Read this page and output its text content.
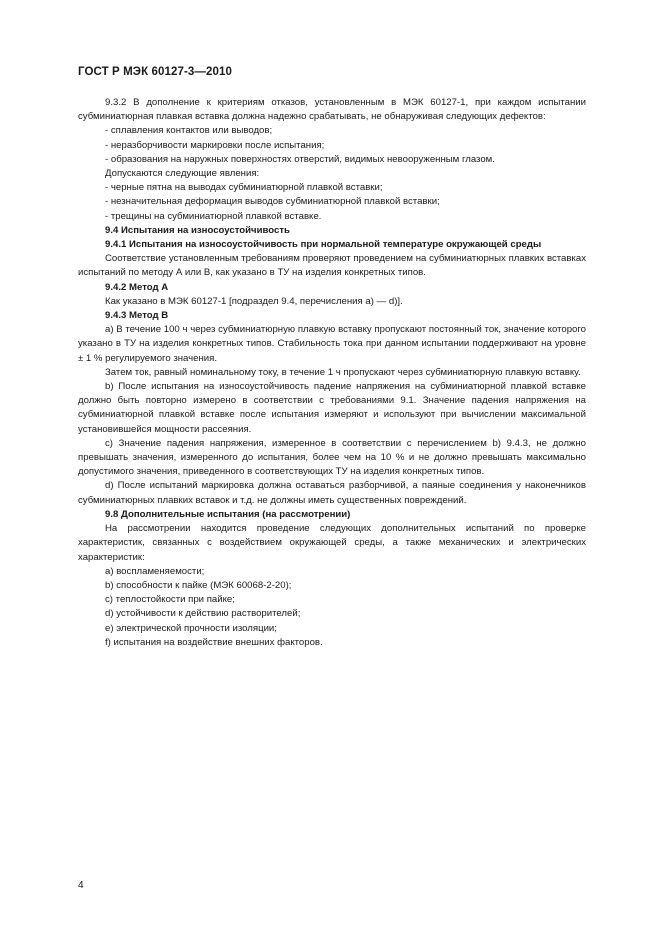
ГОСТ Р МЭК 60127-3—2010

9.3.2 В дополнение к критериям отказов, установленным в МЭК 60127-1, при каждом испытании субминиатюрная плавкая вставка должна надежно срабатывать, не обнаруживая следующих дефектов:

- сплавления контактов или выводов;

- неразборчивости маркировки после испытания;

- образования на наружных поверхностях отверстий, видимых невооруженным глазом.

Допускаются следующие явления:

- черные пятна на выводах субминиатюрной плавкой вставки;

- незначительная деформация выводов субминиатюрной плавкой вставки;

- трещины на субминиатюрной плавкой вставке.

9.4 Испытания на износоустойчивость

9.4.1 Испытания на износоустойчивость при нормальной температуре окружающей среды

Соответствие установленным требованиям проверяют проведением на субминиатюрных плавких вставках испытаний по методу А или В, как указано в ТУ на изделия конкретных типов.

9.4.2 Метод А

Как указано в МЭК 60127-1 [подраздел 9.4, перечисления а) — d)].

9.4.3 Метод В

а) В течение 100 ч через субминиатюрную плавкую вставку пропускают постоянный ток, значение которого указано в ТУ на изделия конкретных типов. Стабильность тока при данном испытании поддерживают на уровне ± 1 % регулируемого значения.

Затем ток, равный номинальному току, в течение 1 ч пропускают через субминиатюрную плавкую вставку.

b) После испытания на износоустойчивость падение напряжения на субминиатюрной плавкой вставке должно быть повторно измерено в соответствии с требованиями 9.1. Значение падения напряжения на субминиатюрной плавкой вставке после испытания измеряют и используют при вычислении максимальной установившейся мощности рассеяния.

c) Значение падения напряжения, измеренное в соответствии с перечислением b) 9.4.3, не должно превышать значения, измеренного до испытания, более чем на 10 % и не должно превышать максимально допустимого значения, приведенного в соответствующих ТУ на изделия конкретных типов.

d) После испытаний маркировка должна оставаться разборчивой, а паяные соединения у наконечников субминиатюрных плавких вставок и т.д. не должны иметь существенных повреждений.

9.8 Дополнительные испытания (на рассмотрении)

На рассмотрении находится проведение следующих дополнительных испытаний по проверке характеристик, связанных с воздействием окружающей среды, а также механических и электрических характеристик:

a) воспламеняемости;

b) способности к пайке (МЭК 60068-2-20);

c) теплостойкости при пайке;

d) устойчивости к действию растворителей;

e) электрической прочности изоляции;

f) испытания на воздействие внешних факторов.

4
